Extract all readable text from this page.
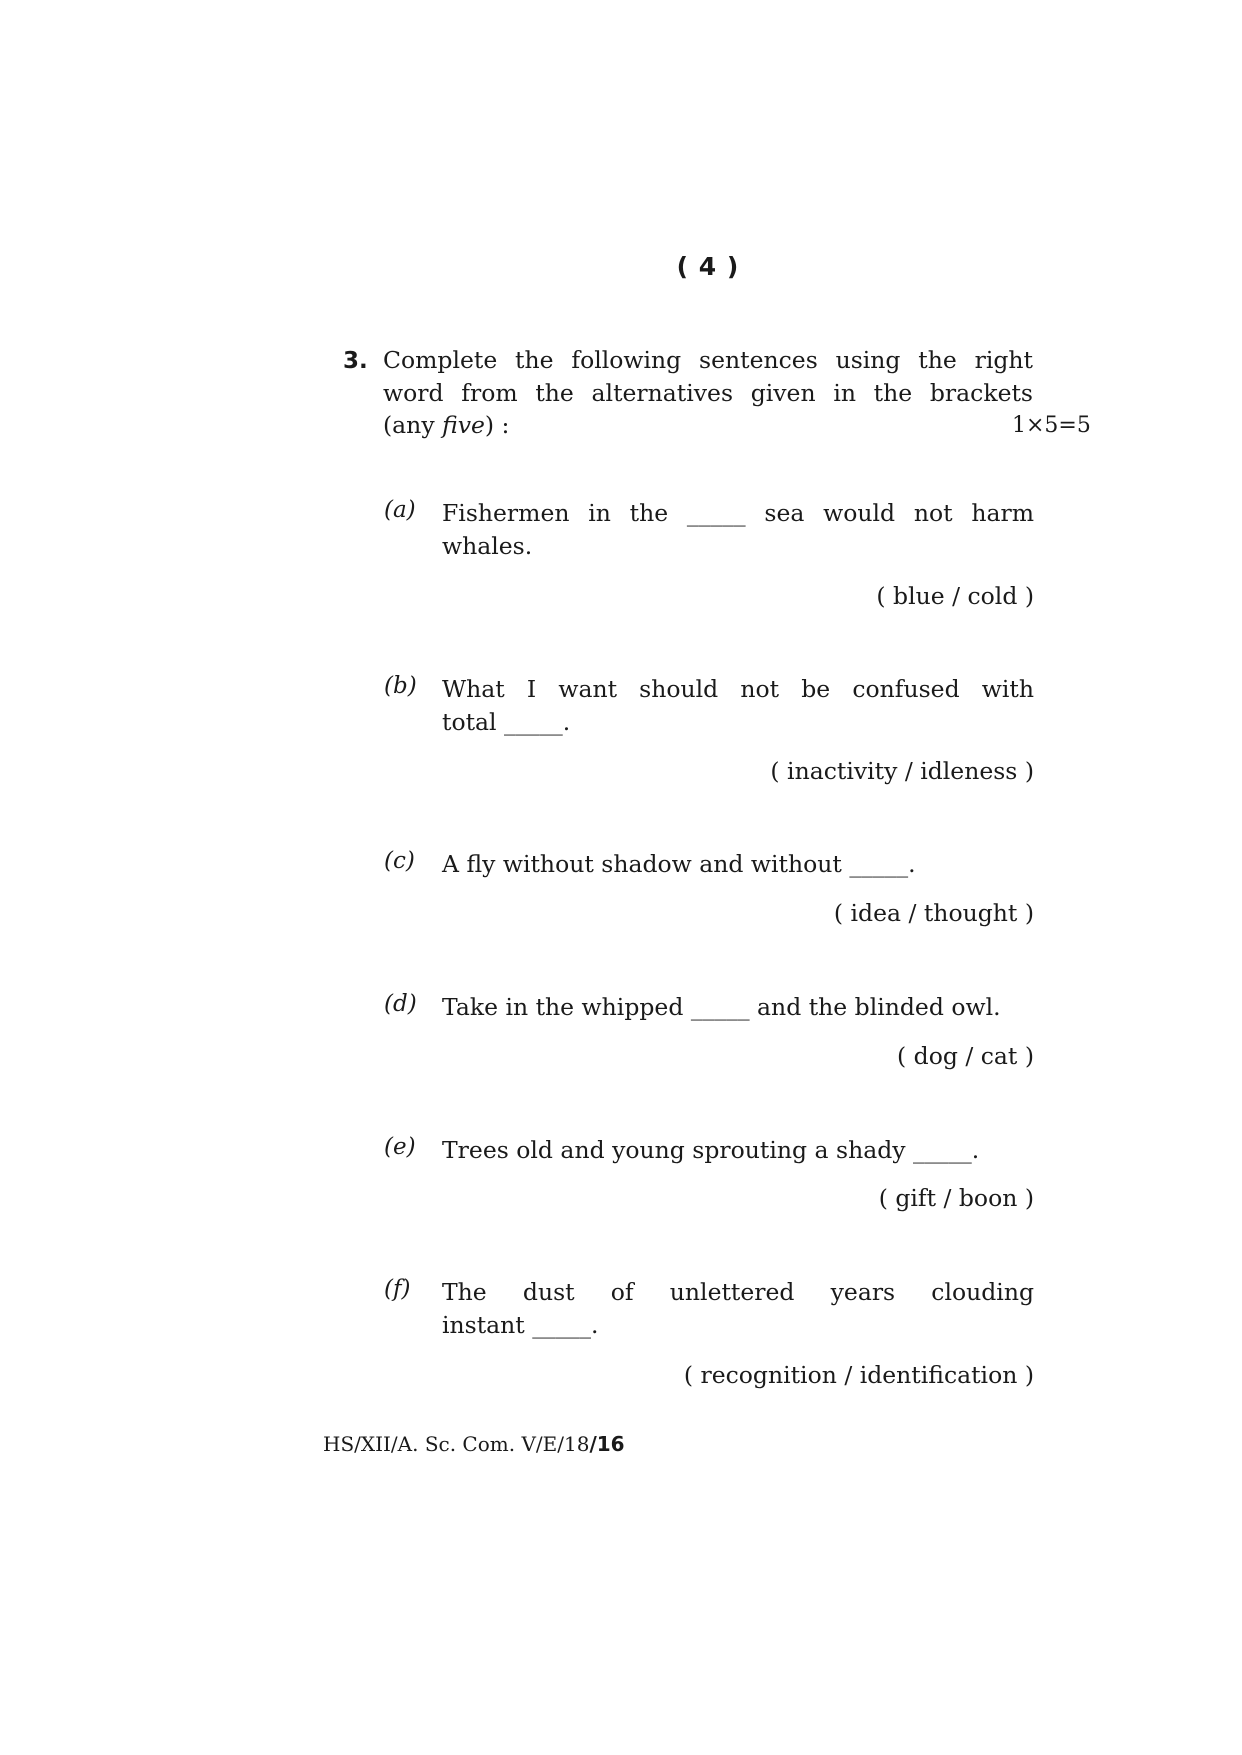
( 4 )
3. Complete the following sentences using the right
word from the alternatives given in the brackets
(any five) :	1×5=5
(a) Fishermen in the _____ sea would not harm
whales.
( blue / cold )
(b) What I want should not be confused with
total _____.
( inactivity / idleness )
(c) A fly without shadow and without _____.
( idea / thought )
(d) Take in the whipped _____ and the blinded owl.
( dog / cat )
(e) Trees old and young sprouting a shady _____.
( gift / boon )
(f) The dust of unlettered years clouding
instant _____.
( recognition / identification )
HS/XII/A. Sc. Com. V/E/18/16
